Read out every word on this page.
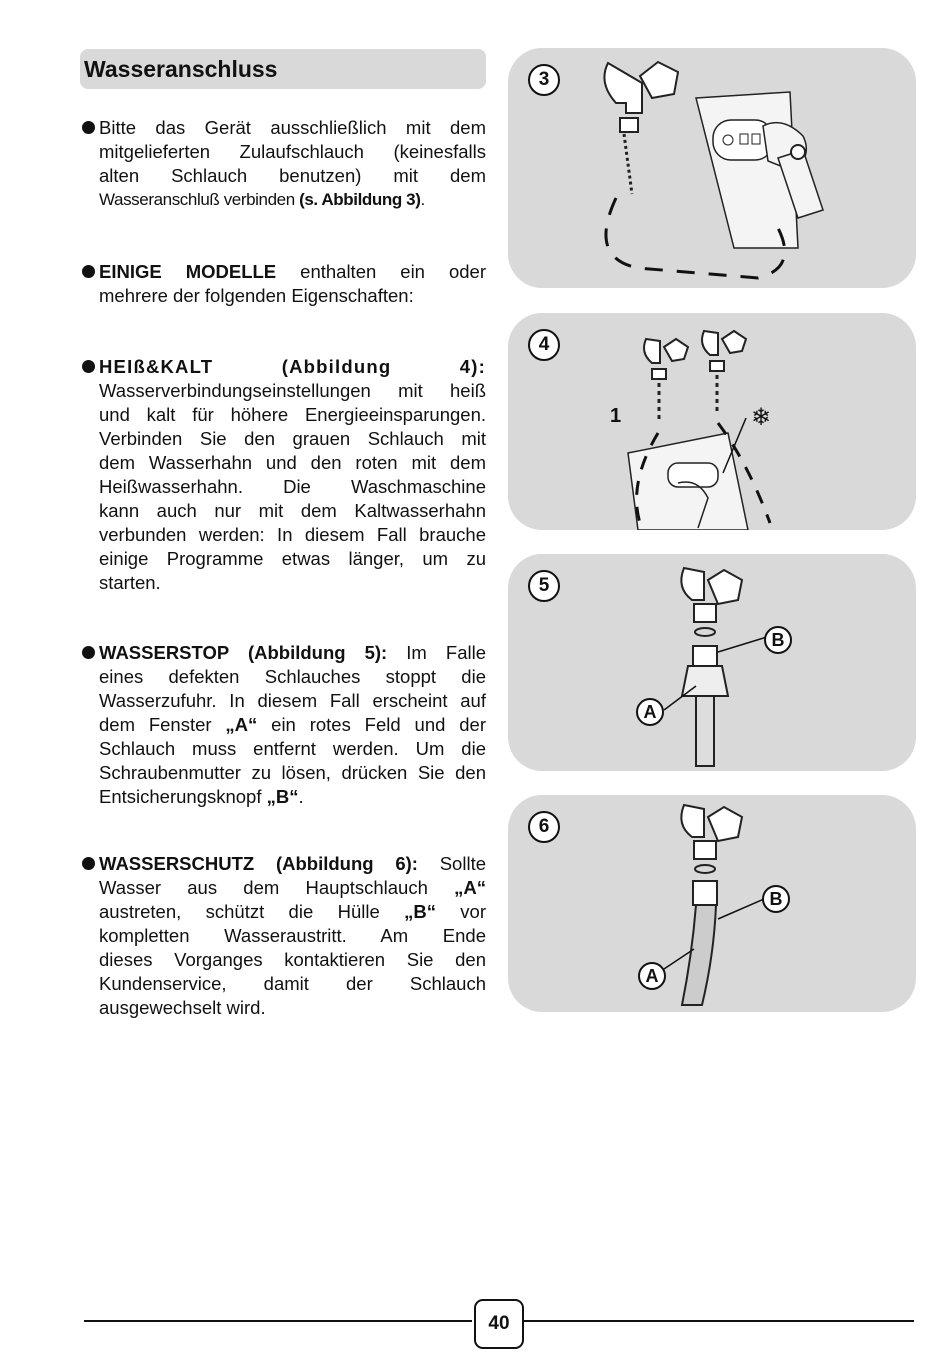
Wasseranschluss

Bitte das Gerät ausschließlich mit dem
mitgelieferten Zulaufschlauch (keinesfalls
alten Schlauch benutzen) mit dem
Wasseranschluß verbinden (s. Abbildung 3).

EINIGE MODELLE enthalten ein oder
mehrere der folgenden Eigenschaften:

HEIß&KALT (Abbildung 4):
Wasserverbindungseinstellungen mit heiß
und kalt für höhere Energieeinsparungen.
Verbinden Sie den grauen Schlauch mit
dem Wasserhahn und den roten mit dem
Heißwasserhahn. Die Waschmaschine
kann auch nur mit dem Kaltwasserhahn
verbunden werden: In diesem Fall brauche
einige Programme etwas länger, um zu
starten.

WASSERSTOP (Abbildung 5): Im Falle
eines defekten Schlauches stoppt die
Wasserzufuhr. In diesem Fall erscheint auf
dem Fenster „A“ ein rotes Feld und der
Schlauch muss entfernt werden. Um die
Schraubenmutter zu lösen, drücken Sie den
Entsicherungsknopf „B“.

WASSERSCHUTZ (Abbildung 6): Sollte
Wasser aus dem Hauptschlauch „A“
austreten, schützt die Hülle „B“ vor
kompletten Wasseraustritt. Am Ende
dieses Vorganges kontaktieren Sie den
Kundenservice, damit der Schlauch
ausgewechselt wird.

3
4
1	❄
5
B
A
6
B
A
40
